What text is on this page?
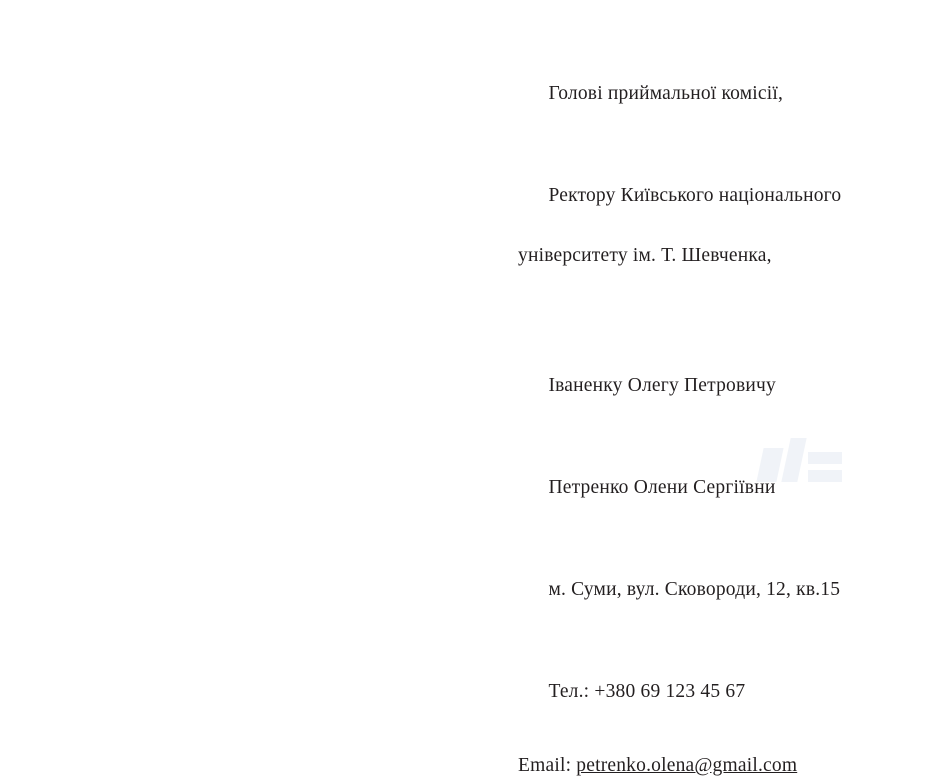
Голові приймальної комісії,

Ректору Київського національного

університету ім. Т. Шевченка,

Іваненку Олегу Петровичу

Петренко Олени Сергіївни

м. Суми, вул. Сковороди, 12, кв.15

Тел.: +380 69 123 45 67

Email: petrenko.olena@gmail.com
